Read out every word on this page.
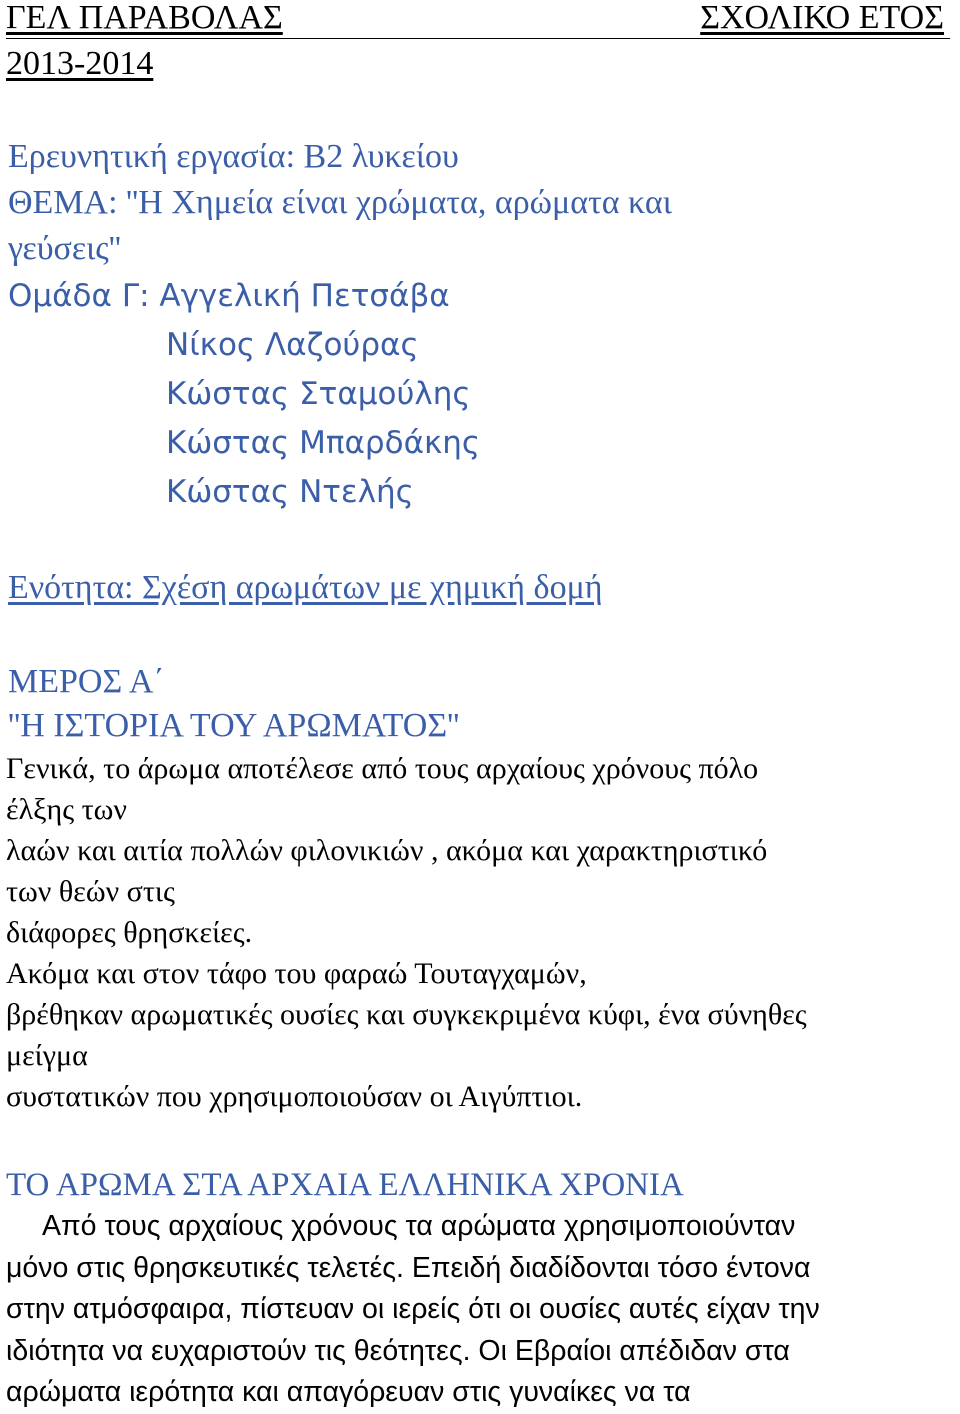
ΓΕΛ ΠΑΡΑΒΟΛΑΣ	ΣΧΟΛΙΚΟ ΕΤΟΣ
2013-2014
Ερευνητική εργασία: Β2 λυκείου
ΘΕΜΑ: ''Η Χημεία είναι χρώματα, αρώματα και
γεύσεις''
Ομάδα Γ: Αγγελική Πετσάβα
Νίκος Λαζούρας
Κώστας Σταμούλης
Κώστας Μπαρδάκης
Κώστας Ντελής
Ενότητα: Σχέση αρωμάτων με χημική δομή
ΜΕΡΟΣ Α΄
''Η ΙΣΤΟΡΙΑ ΤΟΥ ΑΡΩΜΑΤΟΣ''
Γενικά, το άρωμα αποτέλεσε από τους αρχαίους χρόνους πόλο
έλξης των
λαών και αιτία πολλών φιλονικιών , ακόμα και χαρακτηριστικό
των θεών στις
διάφορες θρησκείες.
Ακόμα και στον τάφο του φαραώ Τουταγχαμών,
βρέθηκαν αρωματικές ουσίες και συγκεκριμένα κύφι, ένα σύνηθες
μείγμα
συστατικών που χρησιμοποιούσαν οι Αιγύπτιοι.
ΤΟ ΑΡΩΜΑ ΣΤΑ ΑΡΧΑΙΑ ΕΛΛΗΝΙΚΑ ΧΡΟΝΙΑ
Από τους αρχαίους χρόνους τα αρώματα χρησιμοποιούνταν
μόνο στις θρησκευτικές τελετές. Επειδή διαδίδονται τόσο έντονα
στην ατμόσφαιρα, πίστευαν οι ιερείς ότι οι ουσίες αυτές είχαν την
ιδιότητα να ευχαριστούν τις θεότητες. Οι Εβραίοι απέδιδαν στα
αρώματα ιερότητα και απαγόρευαν στις γυναίκες να τα
